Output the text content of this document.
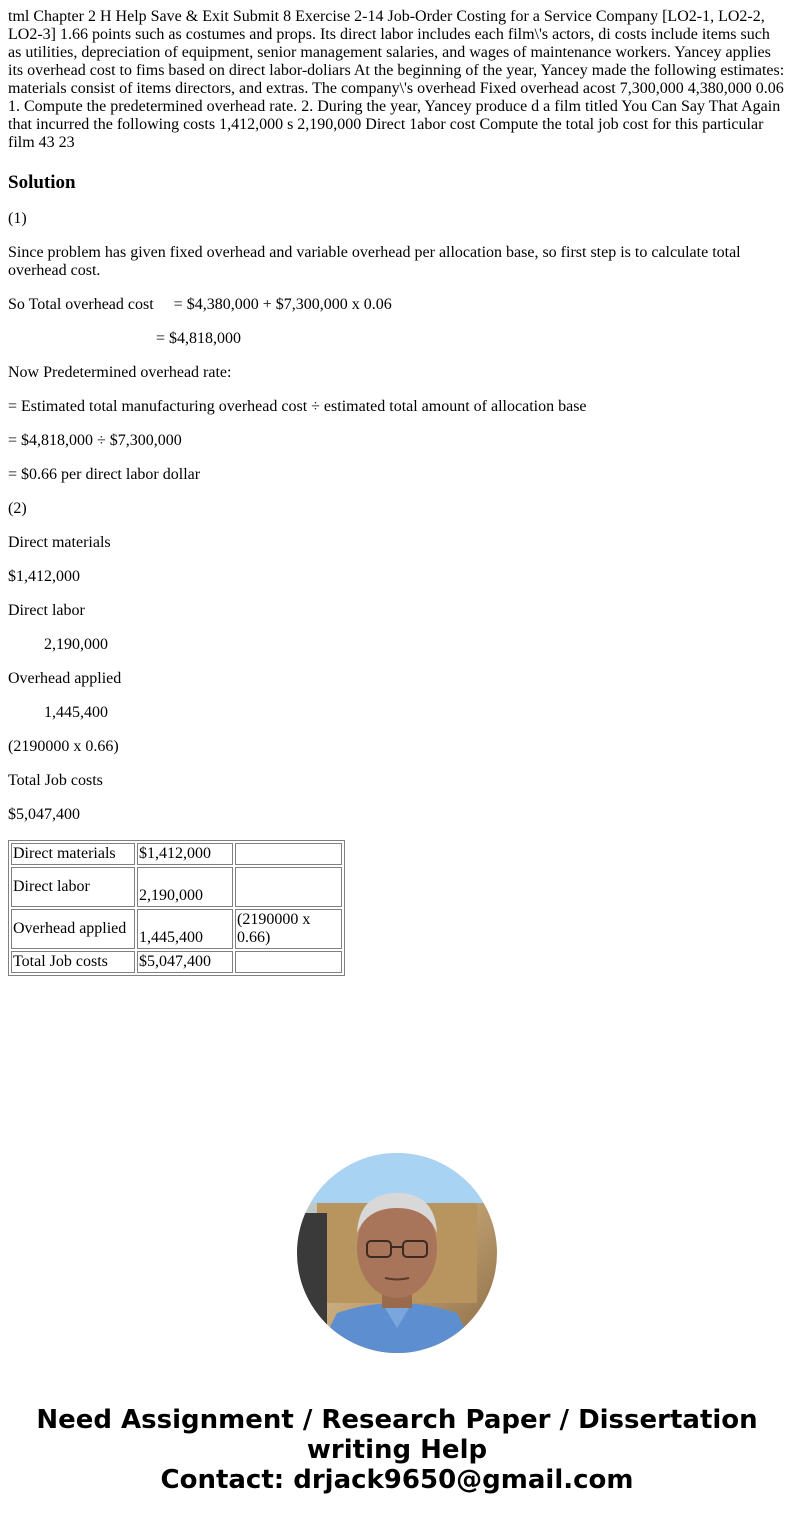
tml Chapter 2 H Help Save & Exit Submit 8 Exercise 2-14 Job-Order Costing for a Service Company [LO2-1, LO2-2, LO2-3] 1.66 points such as costumes and props. Its direct labor includes each film\'s actors, di costs include items such as utilities, depreciation of equipment, senior management salaries, and wages of maintenance workers. Yancey applies its overhead cost to fims based on direct labor-doliars At the beginning of the year, Yancey made the following estimates: materials consist of items directors, and extras. The company\'s overhead Fixed overhead acost 7,300,000 4,380,000 0.06 1. Compute the predetermined overhead rate. 2. During the year, Yancey produce d a film titled You Can Say That Again that incurred the following costs 1,412,000 s 2,190,000 Direct 1abor cost Compute the total job cost for this particular film 43 23
Solution

(1)

Since problem has given fixed overhead and variable overhead per allocation base, so first step is to calculate total overhead cost.

So Total overhead cost     = $4,380,000 + $7,300,000 x 0.06

= $4,818,000

Now Predetermined overhead rate:

= Estimated total manufacturing overhead cost ÷ estimated total amount of allocation base

= $4,818,000 ÷ $7,300,000

= $0.66 per direct labor dollar

(2)

Direct materials

$1,412,000

Direct labor

2,190,000

Overhead applied

1,445,400

(2190000 x 0.66)

Total Job costs

$5,047,400

Direct materials	$1,412,000	
Direct labor	2,190,000	
Overhead applied	1,445,400	(2190000 x 0.66)
Total Job costs	$5,047,400	
Need Assignment / Research Paper / Dissertation
writing Help
Contact: drjack9650@gmail.com
